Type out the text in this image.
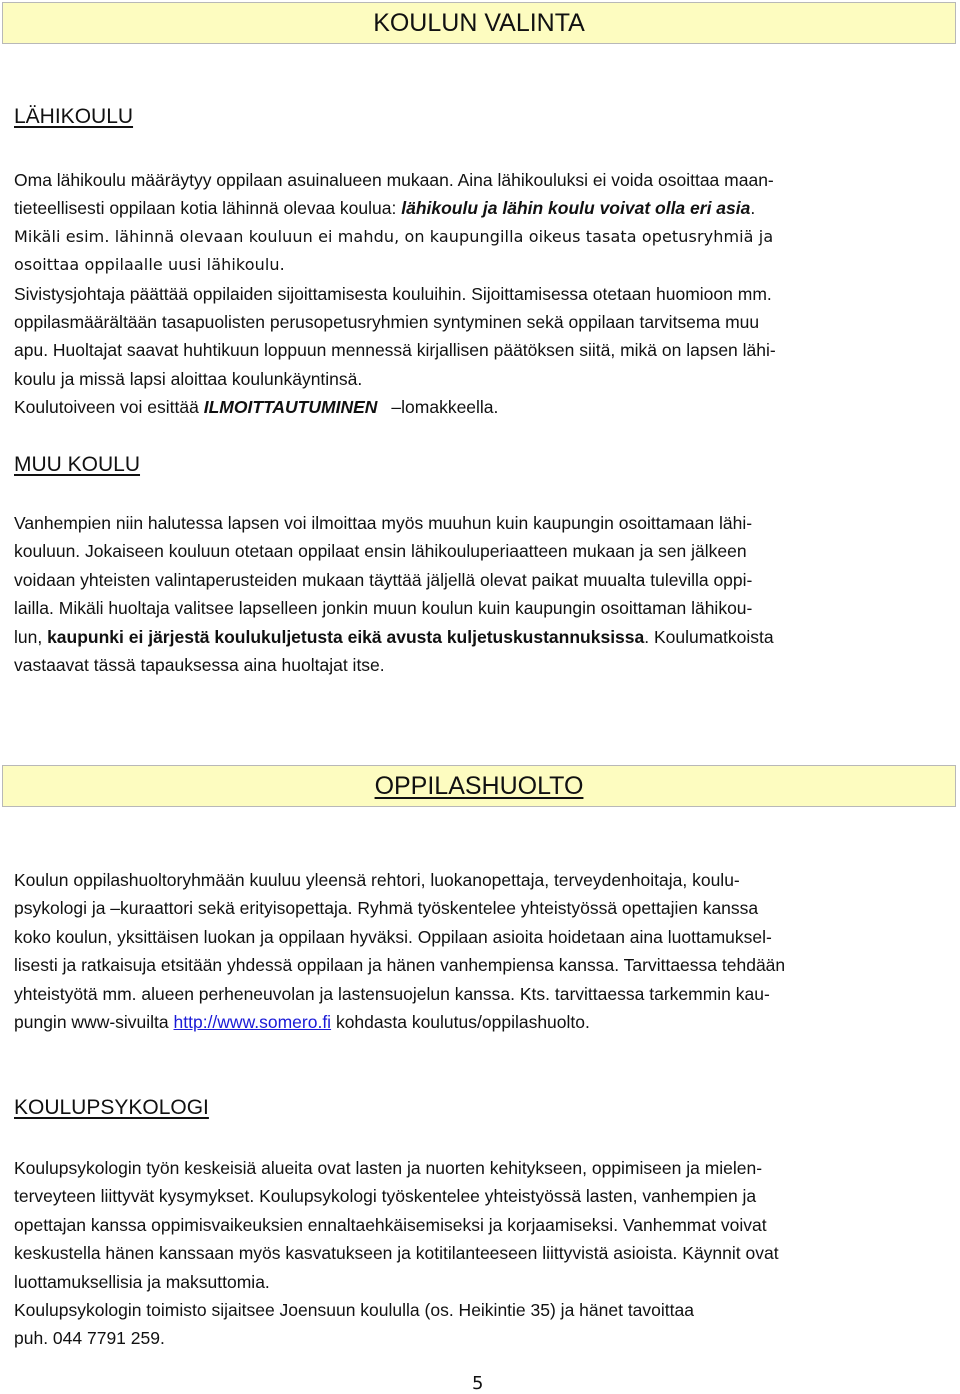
KOULUN VALINTA
LÄHIKOULU
Oma lähikoulu määräytyy oppilaan asuinalueen mukaan. Aina lähikouluksi ei voida osoittaa maan-
tieteellisesti oppilaan kotia lähinnä olevaa koulua: lähikoulu ja lähin koulu voivat olla eri asia.
Mikäli esim. lähinnä olevaan kouluun ei mahdu, on kaupungilla oikeus tasata opetusryhmiä ja
osoittaa oppilaalle uusi lähikoulu.
Sivistysjohtaja päättää oppilaiden sijoittamisesta kouluihin. Sijoittamisessa otetaan huomioon mm.
oppilasmäärältään tasapuolisten perusopetusryhmien syntyminen sekä oppilaan tarvitsema muu
apu. Huoltajat saavat huhtikuun loppuun mennessä kirjallisen päätöksen siitä, mikä on lapsen lähi-
koulu ja missä lapsi aloittaa koulunkäyntinsä.
Koulutoiveen voi esittää ILMOITTAUTUMINEN –lomakkeella.
MUU KOULU
Vanhempien niin halutessa lapsen voi ilmoittaa myös muuhun kuin kaupungin osoittamaan lähi-
kouluun. Jokaiseen kouluun otetaan oppilaat ensin lähikouluperiaatteen mukaan ja sen jälkeen
voidaan yhteisten valintaperusteiden mukaan täyttää jäljellä olevat paikat muualta tulevilla oppi-
lailla. Mikäli huoltaja valitsee lapselleen jonkin muun koulun kuin kaupungin osoittaman lähikou-
lun, kaupunki ei järjestä koulukuljetusta eikä avusta kuljetuskustannuksissa. Koulumatkoista
vastaavat tässä tapauksessa aina huoltajat itse.
OPPILASHUOLTO
Koulun oppilashuoltoryhmään kuuluu yleensä rehtori, luokanopettaja, terveydenhoitaja, koulu-
psykologi ja –kuraattori sekä erityisopettaja. Ryhmä työskentelee yhteistyössä opettajien kanssa
koko koulun, yksittäisen luokan ja oppilaan hyväksi. Oppilaan asioita hoidetaan aina luottamuksel-
lisesti ja ratkaisuja etsitään yhdessä oppilaan ja hänen vanhempiensa kanssa. Tarvittaessa tehdään
yhteistyötä mm. alueen perheneuvolan ja lastensuojelun kanssa. Kts. tarvittaessa tarkemmin kau-
pungin www-sivuilta http://www.somero.fi kohdasta koulutus/oppilashuolto.
KOULUPSYKOLOGI
Koulupsykologin työn keskeisiä alueita ovat lasten ja nuorten kehitykseen, oppimiseen ja mielen-
terveyteen liittyvät kysymykset. Koulupsykologi työskentelee yhteistyössä lasten, vanhempien ja
opettajan kanssa oppimisvaikeuksien ennaltaehkäisemiseksi ja korjaamiseksi. Vanhemmat voivat
keskustella hänen kanssaan myös kasvatukseen ja kotitilanteeseen liittyvistä asioista. Käynnit ovat
luottamuksellisia ja maksuttomia.
Koulupsykologin toimisto sijaitsee Joensuun koululla (os. Heikintie 35) ja hänet tavoittaa
puh. 044 7791 259.
5
